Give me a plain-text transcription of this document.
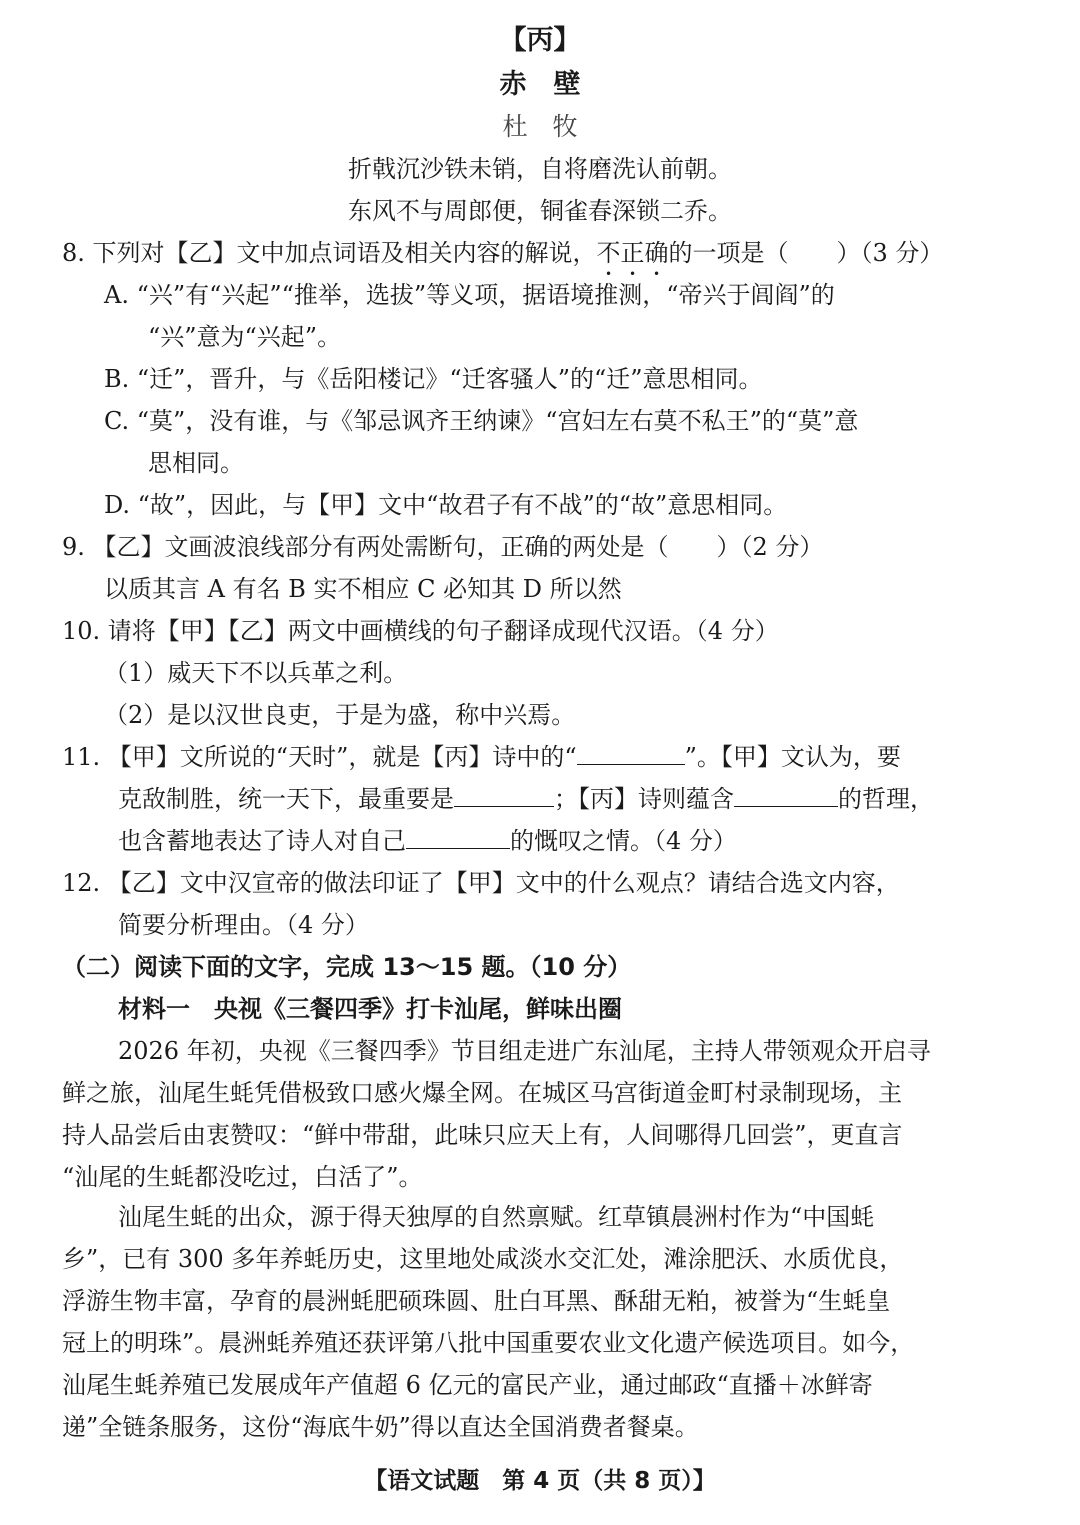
【丙】
赤　壁
杜　牧
折戟沉沙铁未销，自将磨洗认前朝。
东风不与周郎便，铜雀春深锁二乔。
8. 下列对【乙】文中加点词语及相关内容的解说，不正确的一项是（　　）（3 分）
A. “兴”有“兴起”“推举，选拔”等义项，据语境推测，“帝兴于闾阎”的
“兴”意为“兴起”。
B. “迁”，晋升，与《岳阳楼记》“迁客骚人”的“迁”意思相同。
C. “莫”，没有谁，与《邹忌讽齐王纳谏》“宫妇左右莫不私王”的“莫”意
思相同。
D. “故”，因此，与【甲】文中“故君子有不战”的“故”意思相同。
9. 【乙】文画波浪线部分有两处需断句，正确的两处是（　　）（2 分）
以质其言 A 有名 B 实不相应 C 必知其 D 所以然
10. 请将【甲】【乙】两文中画横线的句子翻译成现代汉语。（4 分）
（1）威天下不以兵革之利。
（2）是以汉世良吏，于是为盛，称中兴焉。
11. 【甲】文所说的“天时”，就是【丙】诗中的“	”。【甲】文认为，要
克敌制胜，统一天下，最重要是	；【丙】诗则蕴含	的哲理，
也含蓄地表达了诗人对自己	的慨叹之情。（4 分）
12. 【乙】文中汉宣帝的做法印证了【甲】文中的什么观点？请结合选文内容，
简要分析理由。（4 分）
（二）阅读下面的文字，完成 13～15 题。（10 分）
材料一　央视《三餐四季》打卡汕尾，鲜味出圈
2026 年初，央视《三餐四季》节目组走进广东汕尾，主持人带领观众开启寻
鲜之旅，汕尾生蚝凭借极致口感火爆全网。在城区马宫街道金町村录制现场，主
持人品尝后由衷赞叹：“鲜中带甜，此味只应天上有，人间哪得几回尝”，更直言
“汕尾的生蚝都没吃过，白活了”。
汕尾生蚝的出众，源于得天独厚的自然禀赋。红草镇晨洲村作为“中国蚝
乡”，已有 300 多年养蚝历史，这里地处咸淡水交汇处，滩涂肥沃、水质优良，
浮游生物丰富，孕育的晨洲蚝肥硕珠圆、肚白耳黑、酥甜无粕，被誉为“生蚝皇
冠上的明珠”。晨洲蚝养殖还获评第八批中国重要农业文化遗产候选项目。如今，
汕尾生蚝养殖已发展成年产值超 6 亿元的富民产业，通过邮政“直播＋冰鲜寄
递”全链条服务，这份“海底牛奶”得以直达全国消费者餐桌。
【语文试题　第 4 页（共 8 页）】
